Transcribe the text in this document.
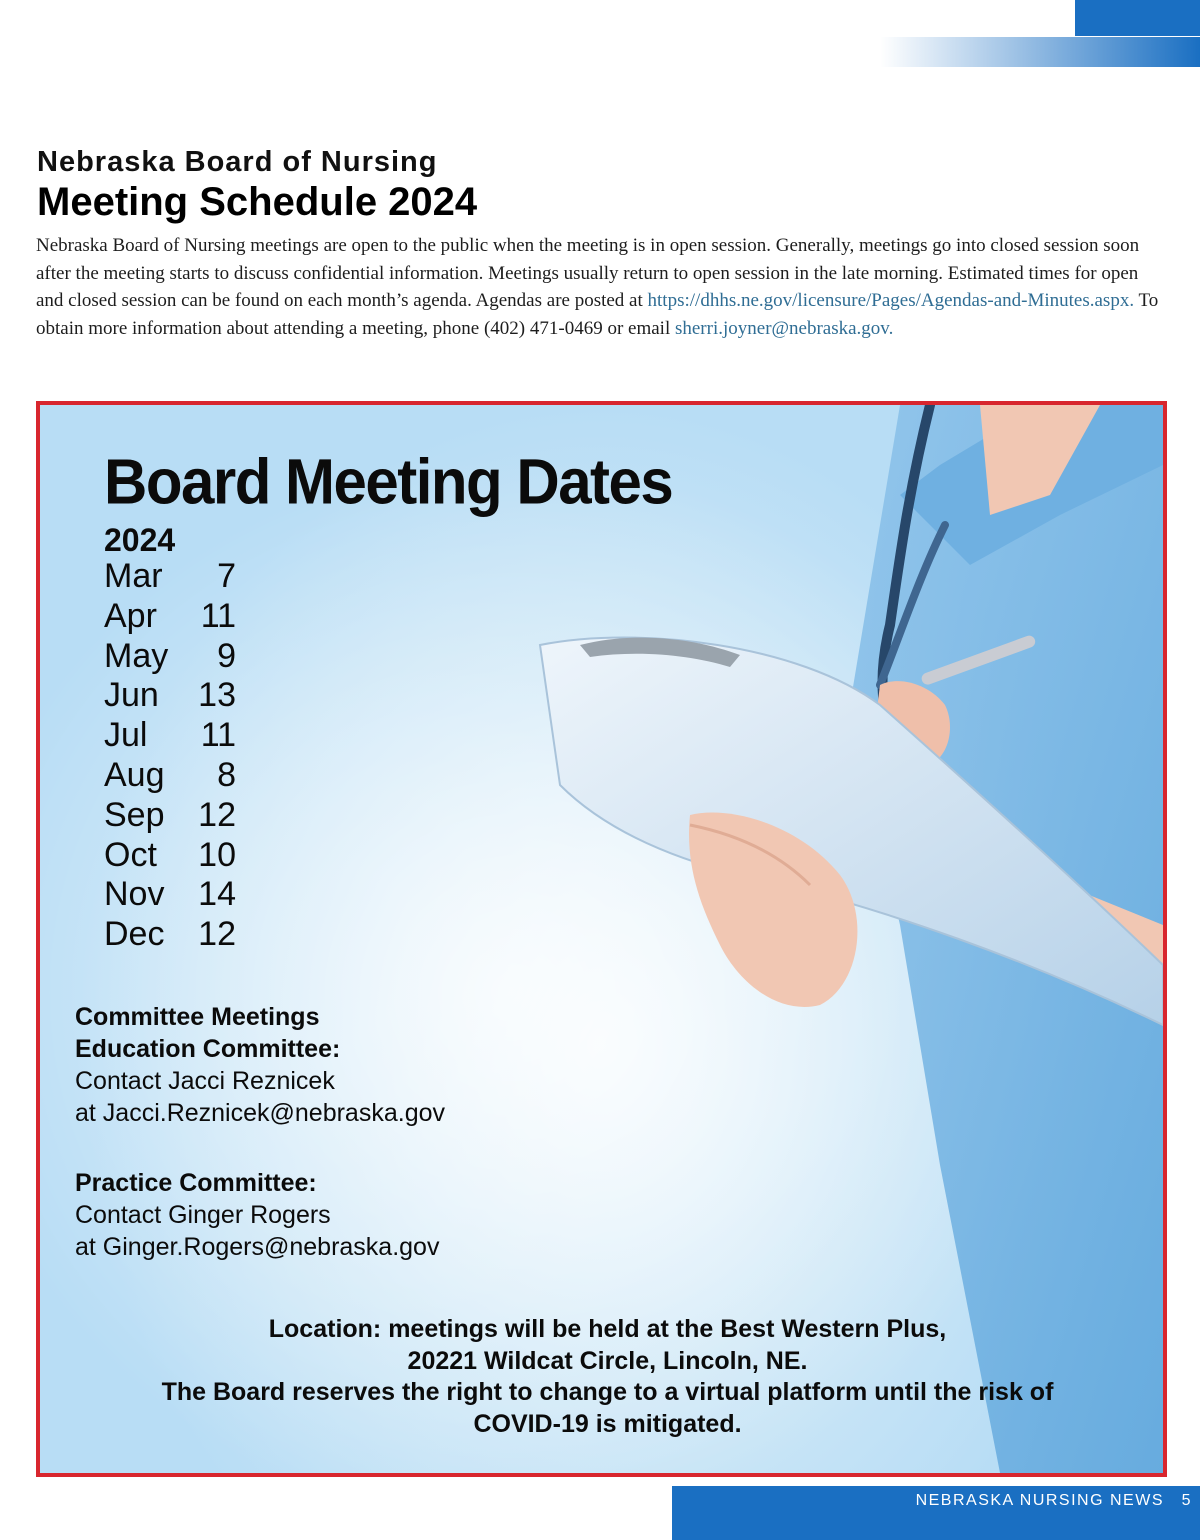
Nebraska Board of Nursing
Meeting Schedule 2024

Nebraska Board of Nursing meetings are open to the public when the meeting is in open session. Generally, meetings go into closed session soon after the meeting starts to discuss confidential information. Meetings usually return to open session in the late morning. Estimated times for open and closed session can be found on each month’s agenda. Agendas are posted at https://dhhs.ne.gov/licensure/Pages/Agendas-and-Minutes.aspx. To obtain more information about attending a meeting, phone (402) 471-0469 or email sherri.joyner@nebraska.gov.

Board Meeting Dates
2024
Mar	7
Apr	11
May	9
Jun	13
Jul	11
Aug	8
Sep 12
Oct	10
Nov 14
Dec 12
Committee Meetings
Education Committee:
Contact Jacci Reznicek
at Jacci.Reznicek@nebraska.gov
Practice Committee:
Contact Ginger Rogers
at Ginger.Rogers@nebraska.gov
Location: meetings will be held at the Best Western Plus,
20221 Wildcat Circle, Lincoln, NE.
The Board reserves the right to change to a virtual platform until the risk of COVID-19 is mitigated.
NEBRASKA NURSING NEWS 5
